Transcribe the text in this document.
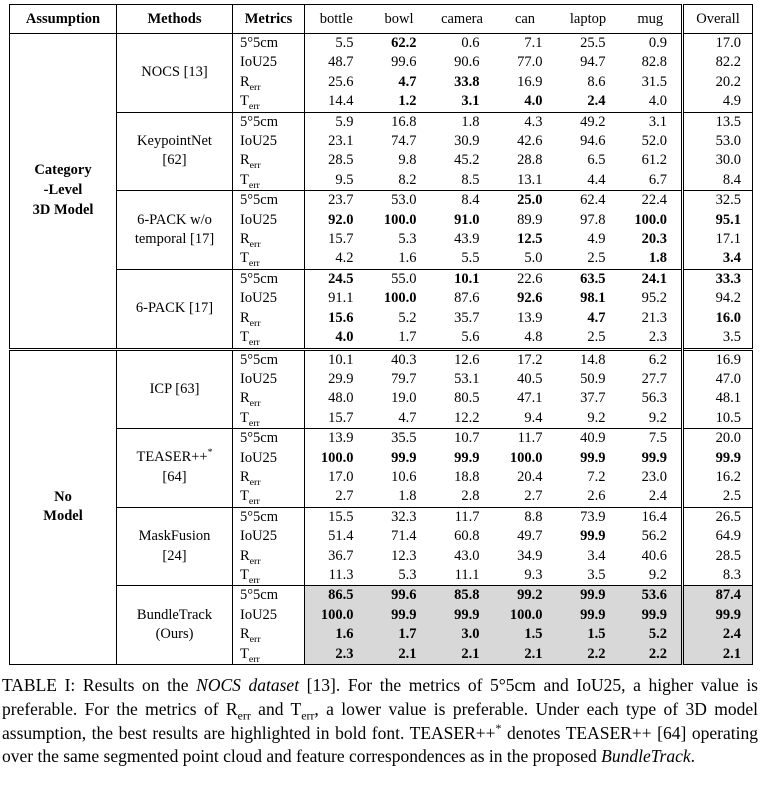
Assumption	Methods	Metrics	bottle	bowl	camera	can	laptop	mug	Overall
Category
-Level
3D Model	NOCS [13]	5°5cm	5.5	62.2	0.6	7.1	25.5	0.9	17.0
		IoU25	48.7	99.6	90.6	77.0	94.7	82.8	82.2
		$R_{err}$	25.6	4.7	33.8	16.9	8.6	31.5	20.2
		$T_{err}$	14.4	1.2	3.1	4.0	2.4	4.0	4.9
	KeypointNet
[62]	5°5cm	5.9	16.8	1.8	4.3	49.2	3.1	13.5
		IoU25	23.1	74.7	30.9	42.6	94.6	52.0	53.0
		$R_{err}$	28.5	9.8	45.2	28.8	6.5	61.2	30.0
		$T_{err}$	9.5	8.2	8.5	13.1	4.4	6.7	8.4
	6-PACK w/o
temporal [17]	5°5cm	23.7	53.0	8.4	25.0	62.4	22.4	32.5
		IoU25	92.0	100.0	91.0	89.9	97.8	100.0	95.1
		$R_{err}$	15.7	5.3	43.9	12.5	4.9	20.3	17.1
		$T_{err}$	4.2	1.6	5.5	5.0	2.5	1.8	3.4
	6-PACK [17]	5°5cm	24.5	55.0	10.1	22.6	63.5	24.1	33.3
		IoU25	91.1	100.0	87.6	92.6	98.1	95.2	94.2
		$R_{err}$	15.6	5.2	35.7	13.9	4.7	21.3	16.0
		$T_{err}$	4.0	1.7	5.6	4.8	2.5	2.3	3.5
No
Model	ICP [63]	5°5cm	10.1	40.3	12.6	17.2	14.8	6.2	16.9
		IoU25	29.9	79.7	53.1	40.5	50.9	27.7	47.0
		$R_{err}$	48.0	19.0	80.5	47.1	37.7	56.3	48.1
		$T_{err}$	15.7	4.7	12.2	9.4	9.2	9.2	10.5
	TEASER++*
[64]	5°5cm	13.9	35.5	10.7	11.7	40.9	7.5	20.0
		IoU25	100.0	99.9	99.9	100.0	99.9	99.9	99.9
		$R_{err}$	17.0	10.6	18.8	20.4	7.2	23.0	16.2
		$T_{err}$	2.7	1.8	2.8	2.7	2.6	2.4	2.5
	MaskFusion
[24]	5°5cm	15.5	32.3	11.7	8.8	73.9	16.4	26.5
		IoU25	51.4	71.4	60.8	49.7	99.9	56.2	64.9
		$R_{err}$	36.7	12.3	43.0	34.9	3.4	40.6	28.5
		$T_{err}$	11.3	5.3	11.1	9.3	3.5	9.2	8.3
	BundleTrack
(Ours)	5°5cm	86.5	99.6	85.8	99.2	99.9	53.6	87.4
		IoU25	100.0	99.9	99.9	100.0	99.9	99.9	99.9
		$R_{err}$	1.6	1.7	3.0	1.5	1.5	5.2	2.4
		$T_{err}$	2.3	2.1	2.1	2.1	2.2	2.2	2.1
TABLE I: Results on the NOCS dataset [13]. For the metrics of 5°5cm and IoU25, a higher value is preferable. For the metrics of $R_{err}$ and $T_{err}$, a lower value is preferable. Under each type of 3D model assumption, the best results are highlighted in bold font. TEASER++* denotes TEASER++ [64] operating over the same segmented point cloud and feature correspondences as in the proposed BundleTrack.
